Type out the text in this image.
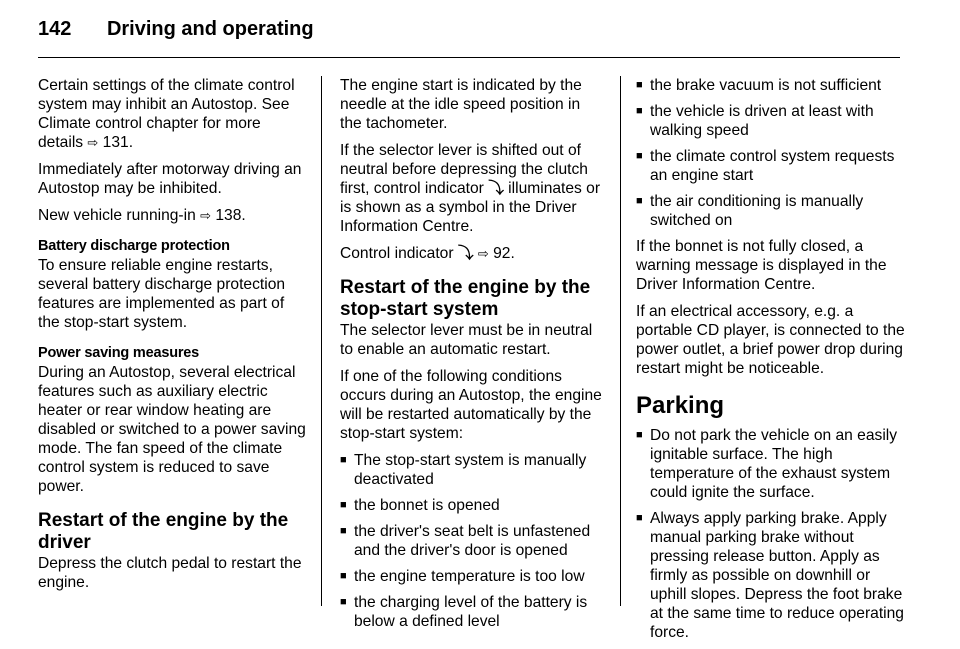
142 Driving and operating

Certain settings of the climate control system may inhibit an Autostop. See Climate control chapter for more details ⇨ 131.

Immediately after motorway driving an Autostop may be inhibited.

New vehicle running-in ⇨ 138.

Battery discharge protection

To ensure reliable engine restarts, several battery discharge protection features are implemented as part of the stop-start system.

Power saving measures

During an Autostop, several electrical features such as auxiliary electric heater or rear window heating are disabled or switched to a power saving mode. The fan speed of the climate control system is reduced to save power.

Restart of the engine by the driver

Depress the clutch pedal to restart the engine.

The engine start is indicated by the needle at the idle speed position in the tachometer.

If the selector lever is shifted out of neutral before depressing the clutch first, control indicator ⤵ illuminates or is shown as a symbol in the Driver Information Centre.

Control indicator ⤵ ⇨ 92.

Restart of the engine by the stop-start system

The selector lever must be in neutral to enable an automatic restart.

If one of the following conditions occurs during an Autostop, the engine will be restarted automatically by the stop-start system:

■ The stop-start system is manually deactivated
■ the bonnet is opened
■ the driver's seat belt is unfastened and the driver's door is opened
■ the engine temperature is too low
■ the charging level of the battery is below a defined level
■ the brake vacuum is not sufficient
■ the vehicle is driven at least with walking speed
■ the climate control system requests an engine start
■ the air conditioning is manually switched on

If the bonnet is not fully closed, a warning message is displayed in the Driver Information Centre.

If an electrical accessory, e.g. a portable CD player, is connected to the power outlet, a brief power drop during restart might be noticeable.

Parking
■ Do not park the vehicle on an easily ignitable surface. The high temperature of the exhaust system could ignite the surface.
■ Always apply parking brake. Apply manual parking brake without pressing release button. Apply as firmly as possible on downhill or uphill slopes. Depress the foot brake at the same time to reduce operating force.
